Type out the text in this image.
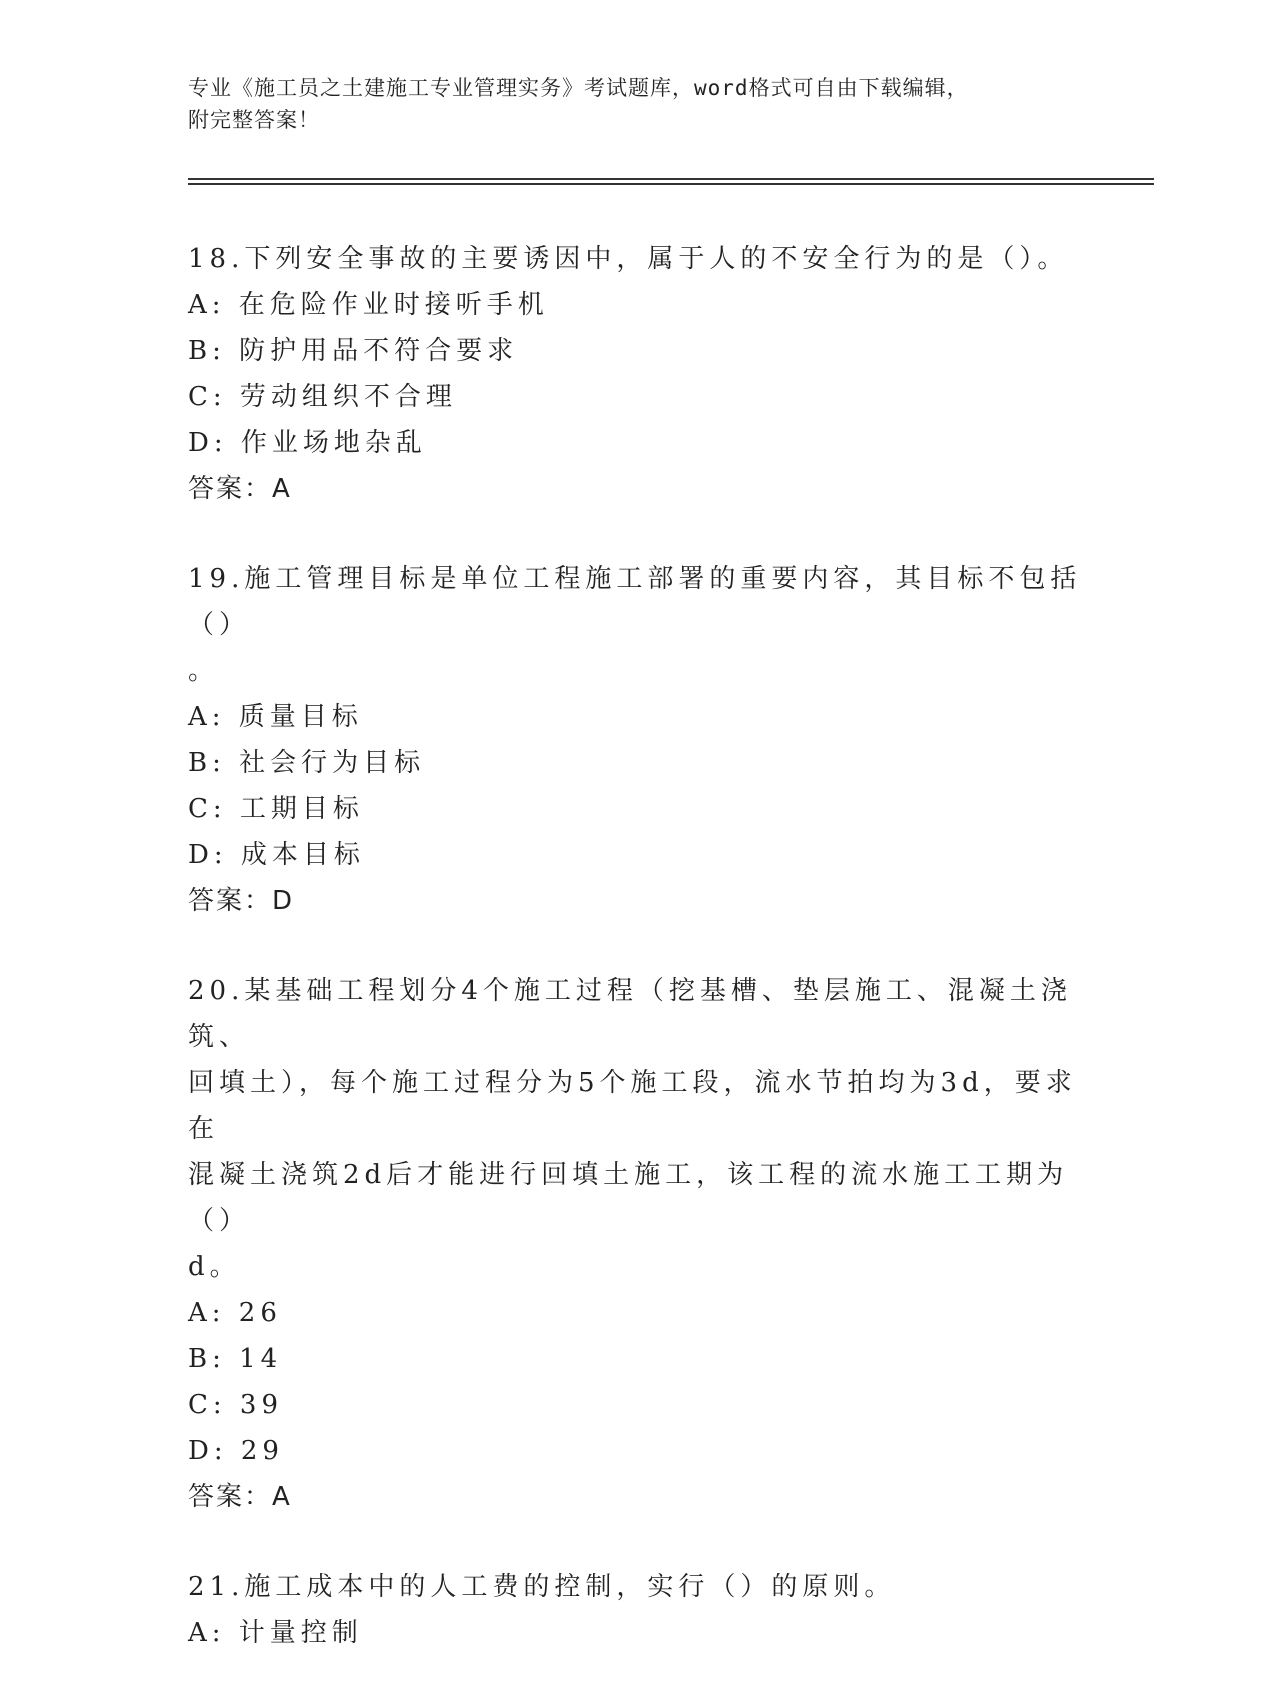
专业《施工员之土建施工专业管理实务》考试题库，word格式可自由下载编辑，
附完整答案！

18.下列安全事故的主要诱因中，属于人的不安全行为的是（）。

A: 在危险作业时接听手机

B: 防护用品不符合要求

C: 劳动组织不合理

D: 作业场地杂乱

答案：A

19.施工管理目标是单位工程施工部署的重要内容，其目标不包括（）

。

A: 质量目标

B: 社会行为目标

C: 工期目标

D: 成本目标

答案：D

20.某基础工程划分4个施工过程（挖基槽、垫层施工、混凝土浇筑、

回填土），每个施工过程分为5个施工段，流水节拍均为3d，要求在

混凝土浇筑2d后才能进行回填土施工，该工程的流水施工工期为（）

d。

A: 26

B: 14

C: 39

D: 29

答案：A

21.施工成本中的人工费的控制，实行（）的原则。

A: 计量控制
